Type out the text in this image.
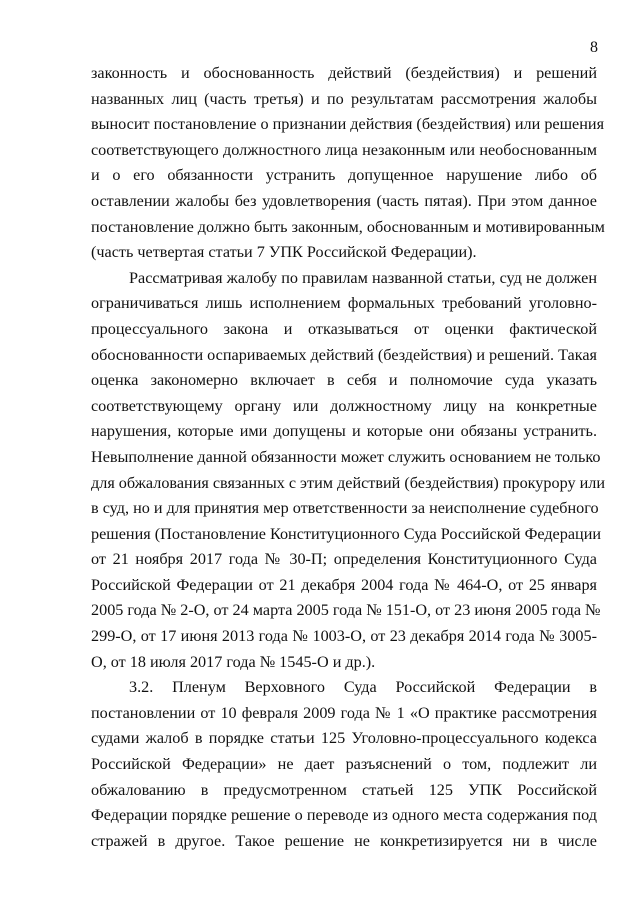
8
законность и обоснованность действий (бездействия) и решений
названных лиц (часть третья) и по результатам рассмотрения жалобы
выносит постановление о признании действия (бездействия) или решения
соответствующего должностного лица незаконным или необоснованным
и о его обязанности устранить допущенное нарушение либо об
оставлении жалобы без удовлетворения (часть пятая). При этом данное
постановление должно быть законным, обоснованным и мотивированным
(часть четвертая статьи 7 УПК Российской Федерации).
Рассматривая жалобу по правилам названной статьи, суд не должен
ограничиваться лишь исполнением формальных требований уголовно-
процессуального закона и отказываться от оценки фактической
обоснованности оспариваемых действий (бездействия) и решений. Такая
оценка закономерно включает в себя и полномочие суда указать
соответствующему органу или должностному лицу на конкретные
нарушения, которые ими допущены и которые они обязаны устранить.
Невыполнение данной обязанности может служить основанием не только
для обжалования связанных с этим действий (бездействия) прокурору или
в суд, но и для принятия мер ответственности за неисполнение судебного
решения (Постановление Конституционного Суда Российской Федерации
от 21 ноября 2017 года № 30-П; определения Конституционного Суда
Российской Федерации от 21 декабря 2004 года № 464-О, от 25 января
2005 года № 2-О, от 24 марта 2005 года № 151-О, от 23 июня 2005 года №
299-О, от 17 июня 2013 года № 1003-О, от 23 декабря 2014 года № 3005-
О, от 18 июля 2017 года № 1545-О и др.).
3.2. Пленум Верховного Суда Российской Федерации в
постановлении от 10 февраля 2009 года № 1 «О практике рассмотрения
судами жалоб в порядке статьи 125 Уголовно-процессуального кодекса
Российской Федерации» не дает разъяснений о том, подлежит ли
обжалованию в предусмотренном статьей 125 УПК Российской
Федерации порядке решение о переводе из одного места содержания под
стражей в другое. Такое решение не конкретизируется ни в числе
